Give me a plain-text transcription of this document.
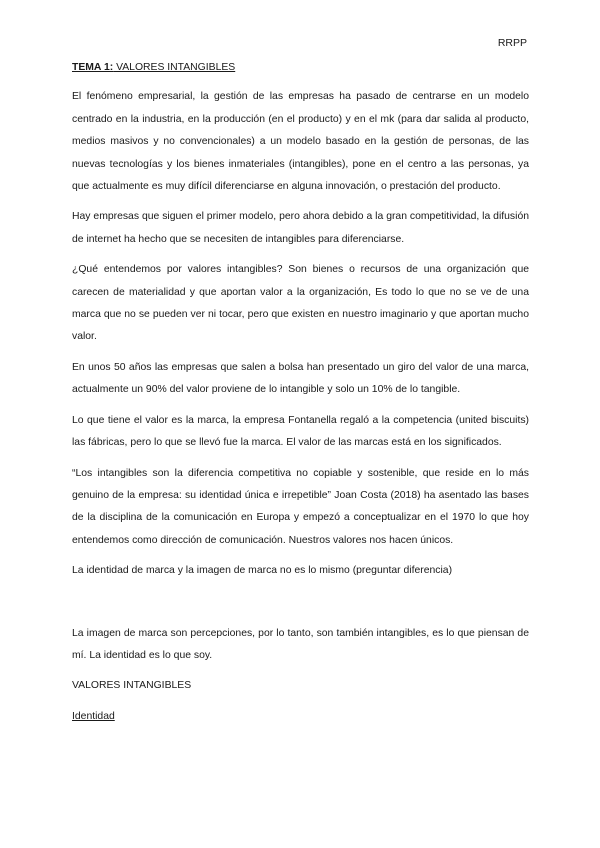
RRPP

TEMA 1: VALORES INTANGIBLES

El fenómeno empresarial, la gestión de las empresas ha pasado de centrarse en un modelo centrado en la industria, en la producción (en el producto) y en el mk (para dar salida al producto, medios masivos y no convencionales) a un modelo basado en la gestión de personas, de las nuevas tecnologías y los bienes inmateriales (intangibles), pone en el centro a las personas, ya que actualmente es muy difícil diferenciarse en alguna innovación, o prestación del producto.

Hay empresas que siguen el primer modelo, pero ahora debido a la gran competitividad, la difusión de internet ha hecho que se necesiten de intangibles para diferenciarse.

¿Qué entendemos por valores intangibles? Son bienes o recursos de una organización que carecen de materialidad y que aportan valor a la organización, Es todo lo que no se ve de una marca que no se pueden ver ni tocar, pero que existen en nuestro imaginario y que aportan mucho valor.

En unos 50 años las empresas que salen a bolsa han presentado un giro del valor de una marca, actualmente un 90% del valor proviene de lo intangible y solo un 10% de lo tangible.

Lo que tiene el valor es la marca, la empresa Fontanella regaló a la competencia (united biscuits) las fábricas, pero lo que se llevó fue la marca. El valor de las marcas está en los significados.

“Los intangibles son la diferencia competitiva no copiable y sostenible, que reside en lo más genuino de la empresa: su identidad única e irrepetible” Joan Costa (2018) ha asentado las bases de la disciplina de la comunicación en Europa y empezó a conceptualizar en el 1970 lo que hoy entendemos como dirección de comunicación. Nuestros valores nos hacen únicos.

La identidad de marca y la imagen de marca no es lo mismo (preguntar diferencia)

La imagen de marca son percepciones, por lo tanto, son también intangibles, es lo que piensan de mí. La identidad es lo que soy.

VALORES INTANGIBLES

Identidad
